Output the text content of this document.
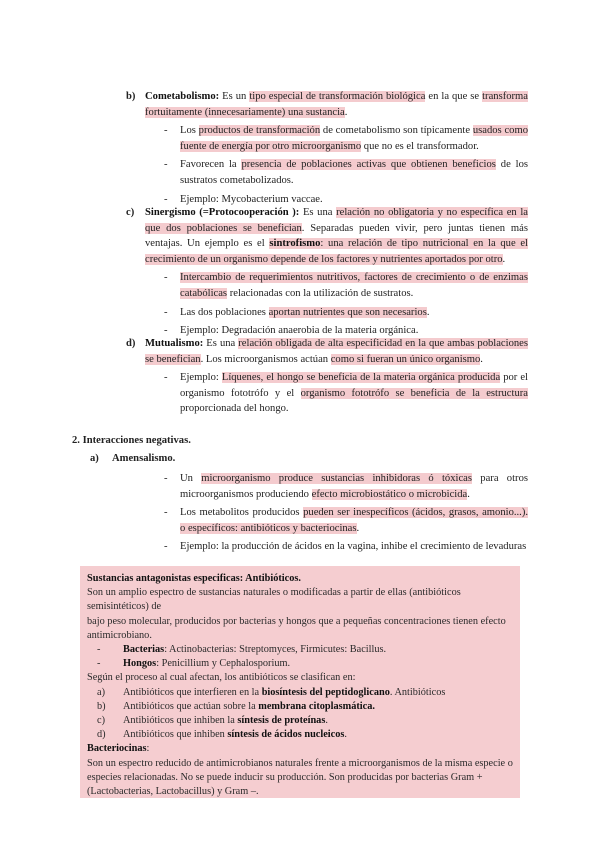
b) Cometabolismo: Es un tipo especial de transformación biológica en la que se transforma fortuitamente (innecesariamente) una sustancia.
- Los productos de transformación de cometabolismo son típicamente usados como fuente de energía por otro microorganismo que no es el transformador.
- Favorecen la presencia de poblaciones activas que obtienen beneficios de los sustratos cometabolizados.
- Ejemplo: Mycobacterium vaccae.
c) Sinergismo (=Protocooperación ): Es una relación no obligatoria y no específica en la que dos poblaciones se benefician. Separadas pueden vivir, pero juntas tienen más ventajas. Un ejemplo es el sintrofismo: una relación de tipo nutricional en la que el crecimiento de un organismo depende de los factores y nutrientes aportados por otro.
- Intercambio de requerimientos nutritivos, factores de crecimiento o de enzimas catabólicas relacionadas con la utilización de sustratos.
- Las dos poblaciones aportan nutrientes que son necesarios.
- Ejemplo: Degradación anaerobia de la materia orgánica.
d) Mutualismo: Es una relación obligada de alta especificidad en la que ambas poblaciones se benefician. Los microorganismos actúan como si fueran un único organismo.
- Ejemplo: Líquenes, el hongo se beneficia de la materia orgánica producida por el organismo fototrófo y el organismo fototrófo se beneficia de la estructura proporcionada del hongo.
2. Interacciones negativas.
a) Amensalismo.
- Un microorganismo produce sustancias inhibidoras ó tóxicas para otros microorganismos produciendo efecto microbiostático o microbicida.
- Los metabolitos producidos pueden ser inespecíficos (ácidos, grasos, amonio...). o específicos: antibióticos y bacteriocinas.
- Ejemplo: la producción de ácidos en la vagina, inhibe el crecimiento de levaduras

Sustancias antagonistas especificas: Antibióticos.

Son un amplio espectro de sustancias naturales o modificadas a partir de ellas (antibióticos semisintéticos) de

bajo peso molecular, producidos por bacterias y hongos que a pequeñas concentraciones tienen efecto antimicrobiano.

- Bacterias: Actinobacterias: Streptomyces, Firmicutes: Bacillus.
- Hongos: Penicillium y Cephalosporium.

Según el proceso al cual afectan, los antibióticos se clasifican en:

a) Antibióticos que interfieren en la biosíntesis del peptidoglicano. Antibióticos
b) Antibióticos que actúan sobre la membrana citoplasmática.
c) Antibióticos que inhiben la síntesis de proteínas.
d) Antibióticos que inhiben síntesis de ácidos nucleicos.

Bacteriocinas:

Son un espectro reducido de antimicrobianos naturales frente a microorganismos de la misma especie o especies relacionadas. No se puede inducir su producción. Son producidas por bacterias Gram + (Lactobacterias, Lactobacillus) y Gram –.
